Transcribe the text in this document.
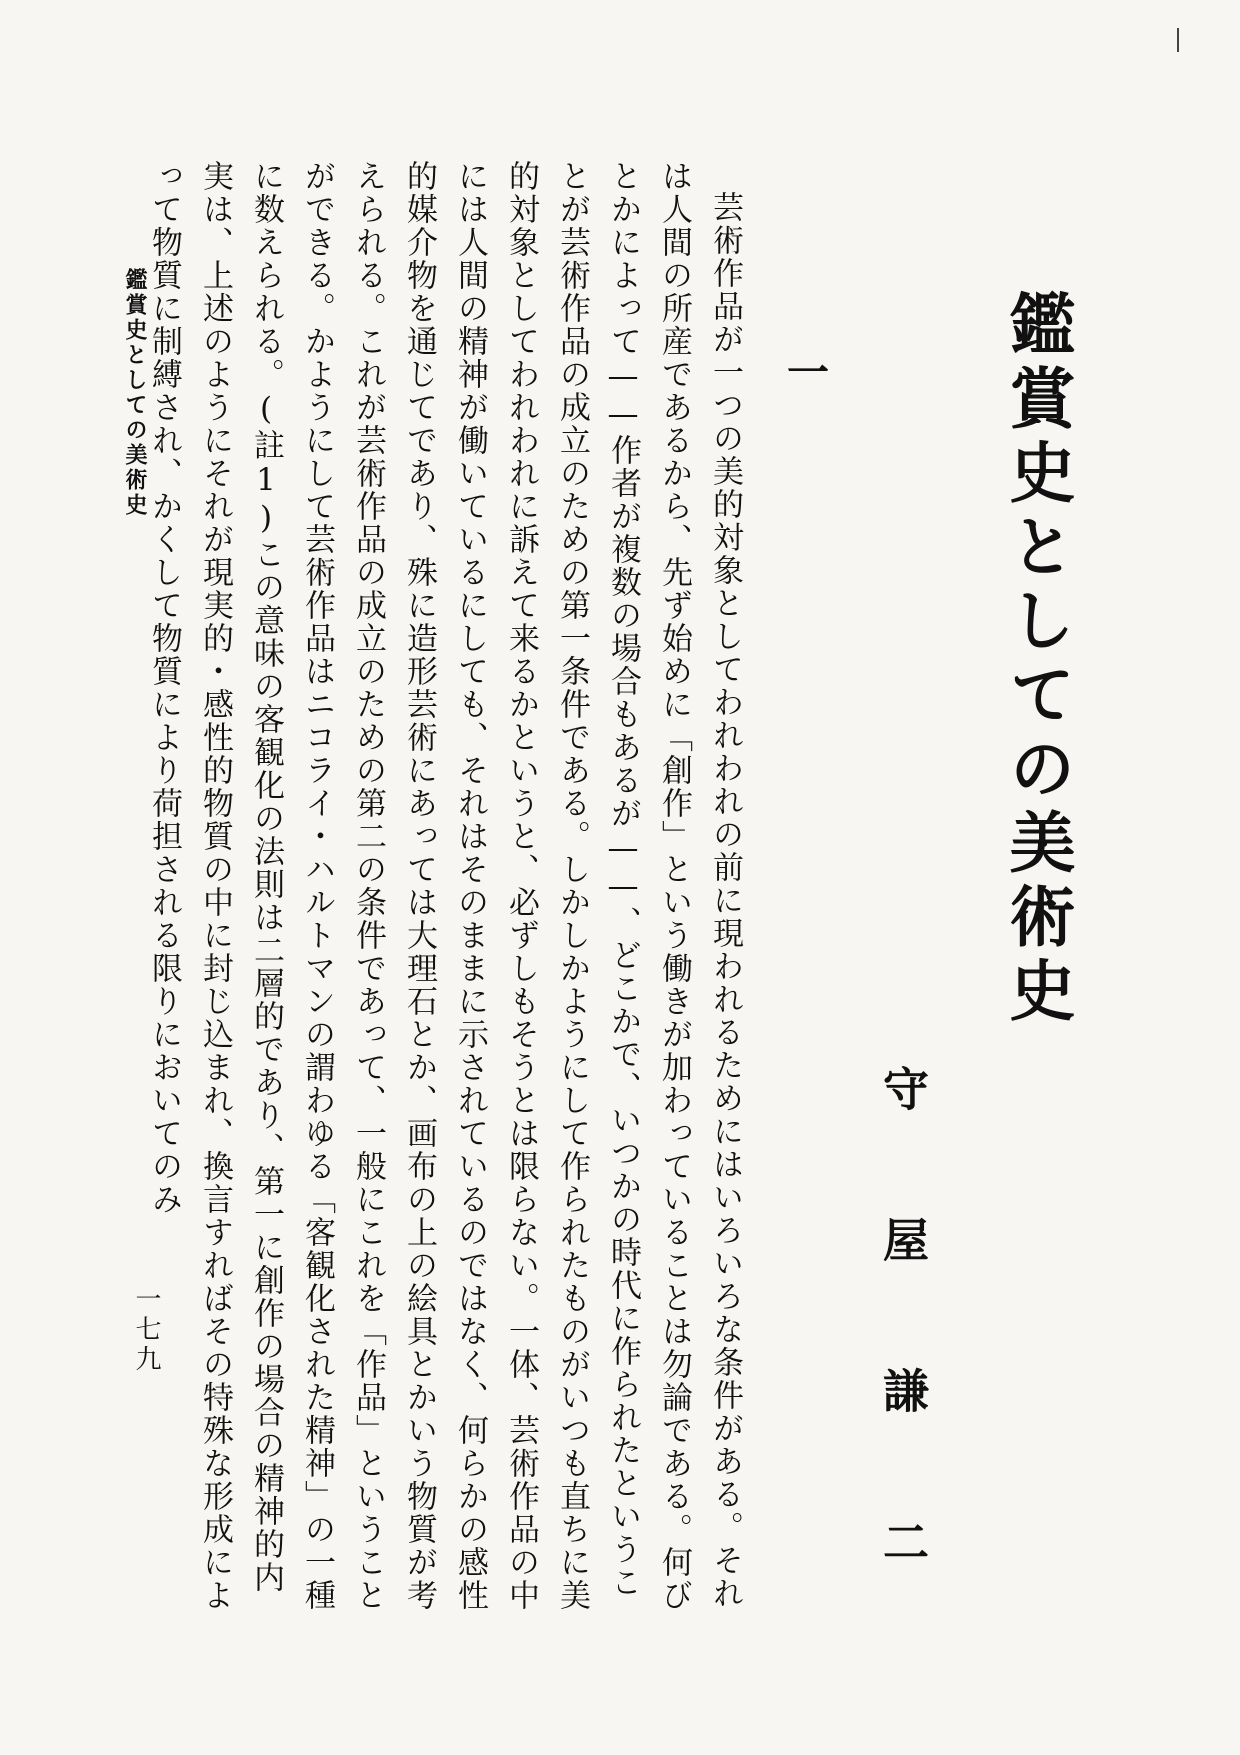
鑑賞史としての美術史
守屋謙二
一

芸術作品が一つの美的対象としてわれわれの前に現われるためにはいろいろな条件がある。それは人間の所産であるから、先ず始めに「創作」という働きが加わっていることは勿論である。何びとかによって——作者が複数の場合もあるが——、どこかで、いつかの時代に作られたということが芸術作品の成立のための第一条件である。しかしかようにして作られたものがいつも直ちに美的対象としてわれわれに訴えて来るかというと、必ずしもそうとは限らない。一体、芸術作品の中には人間の精神が働いているにしても、それはそのままに示されているのではなく、何らかの感性的媒介物を通じてであり、殊に造形芸術にあっては大理石とか、画布の上の絵具とかいう物質が考えられる。これが芸術作品の成立のための第二の条件であって、一般にこれを「作品」ということができる。かようにして芸術作品はニコライ・ハルトマンの謂わゆる「客観化された精神」の一種に数えられる。(註1)この意味の客観化の法則は二層的であり、第一に創作の場合の精神的内実は、上述のようにそれが現実的・感性的物質の中に封じ込まれ、換言すればその特殊な形成によって物質に制縛され、かくして物質により荷担される限りにおいてのみ

鑑賞史としての美術史
一七九
